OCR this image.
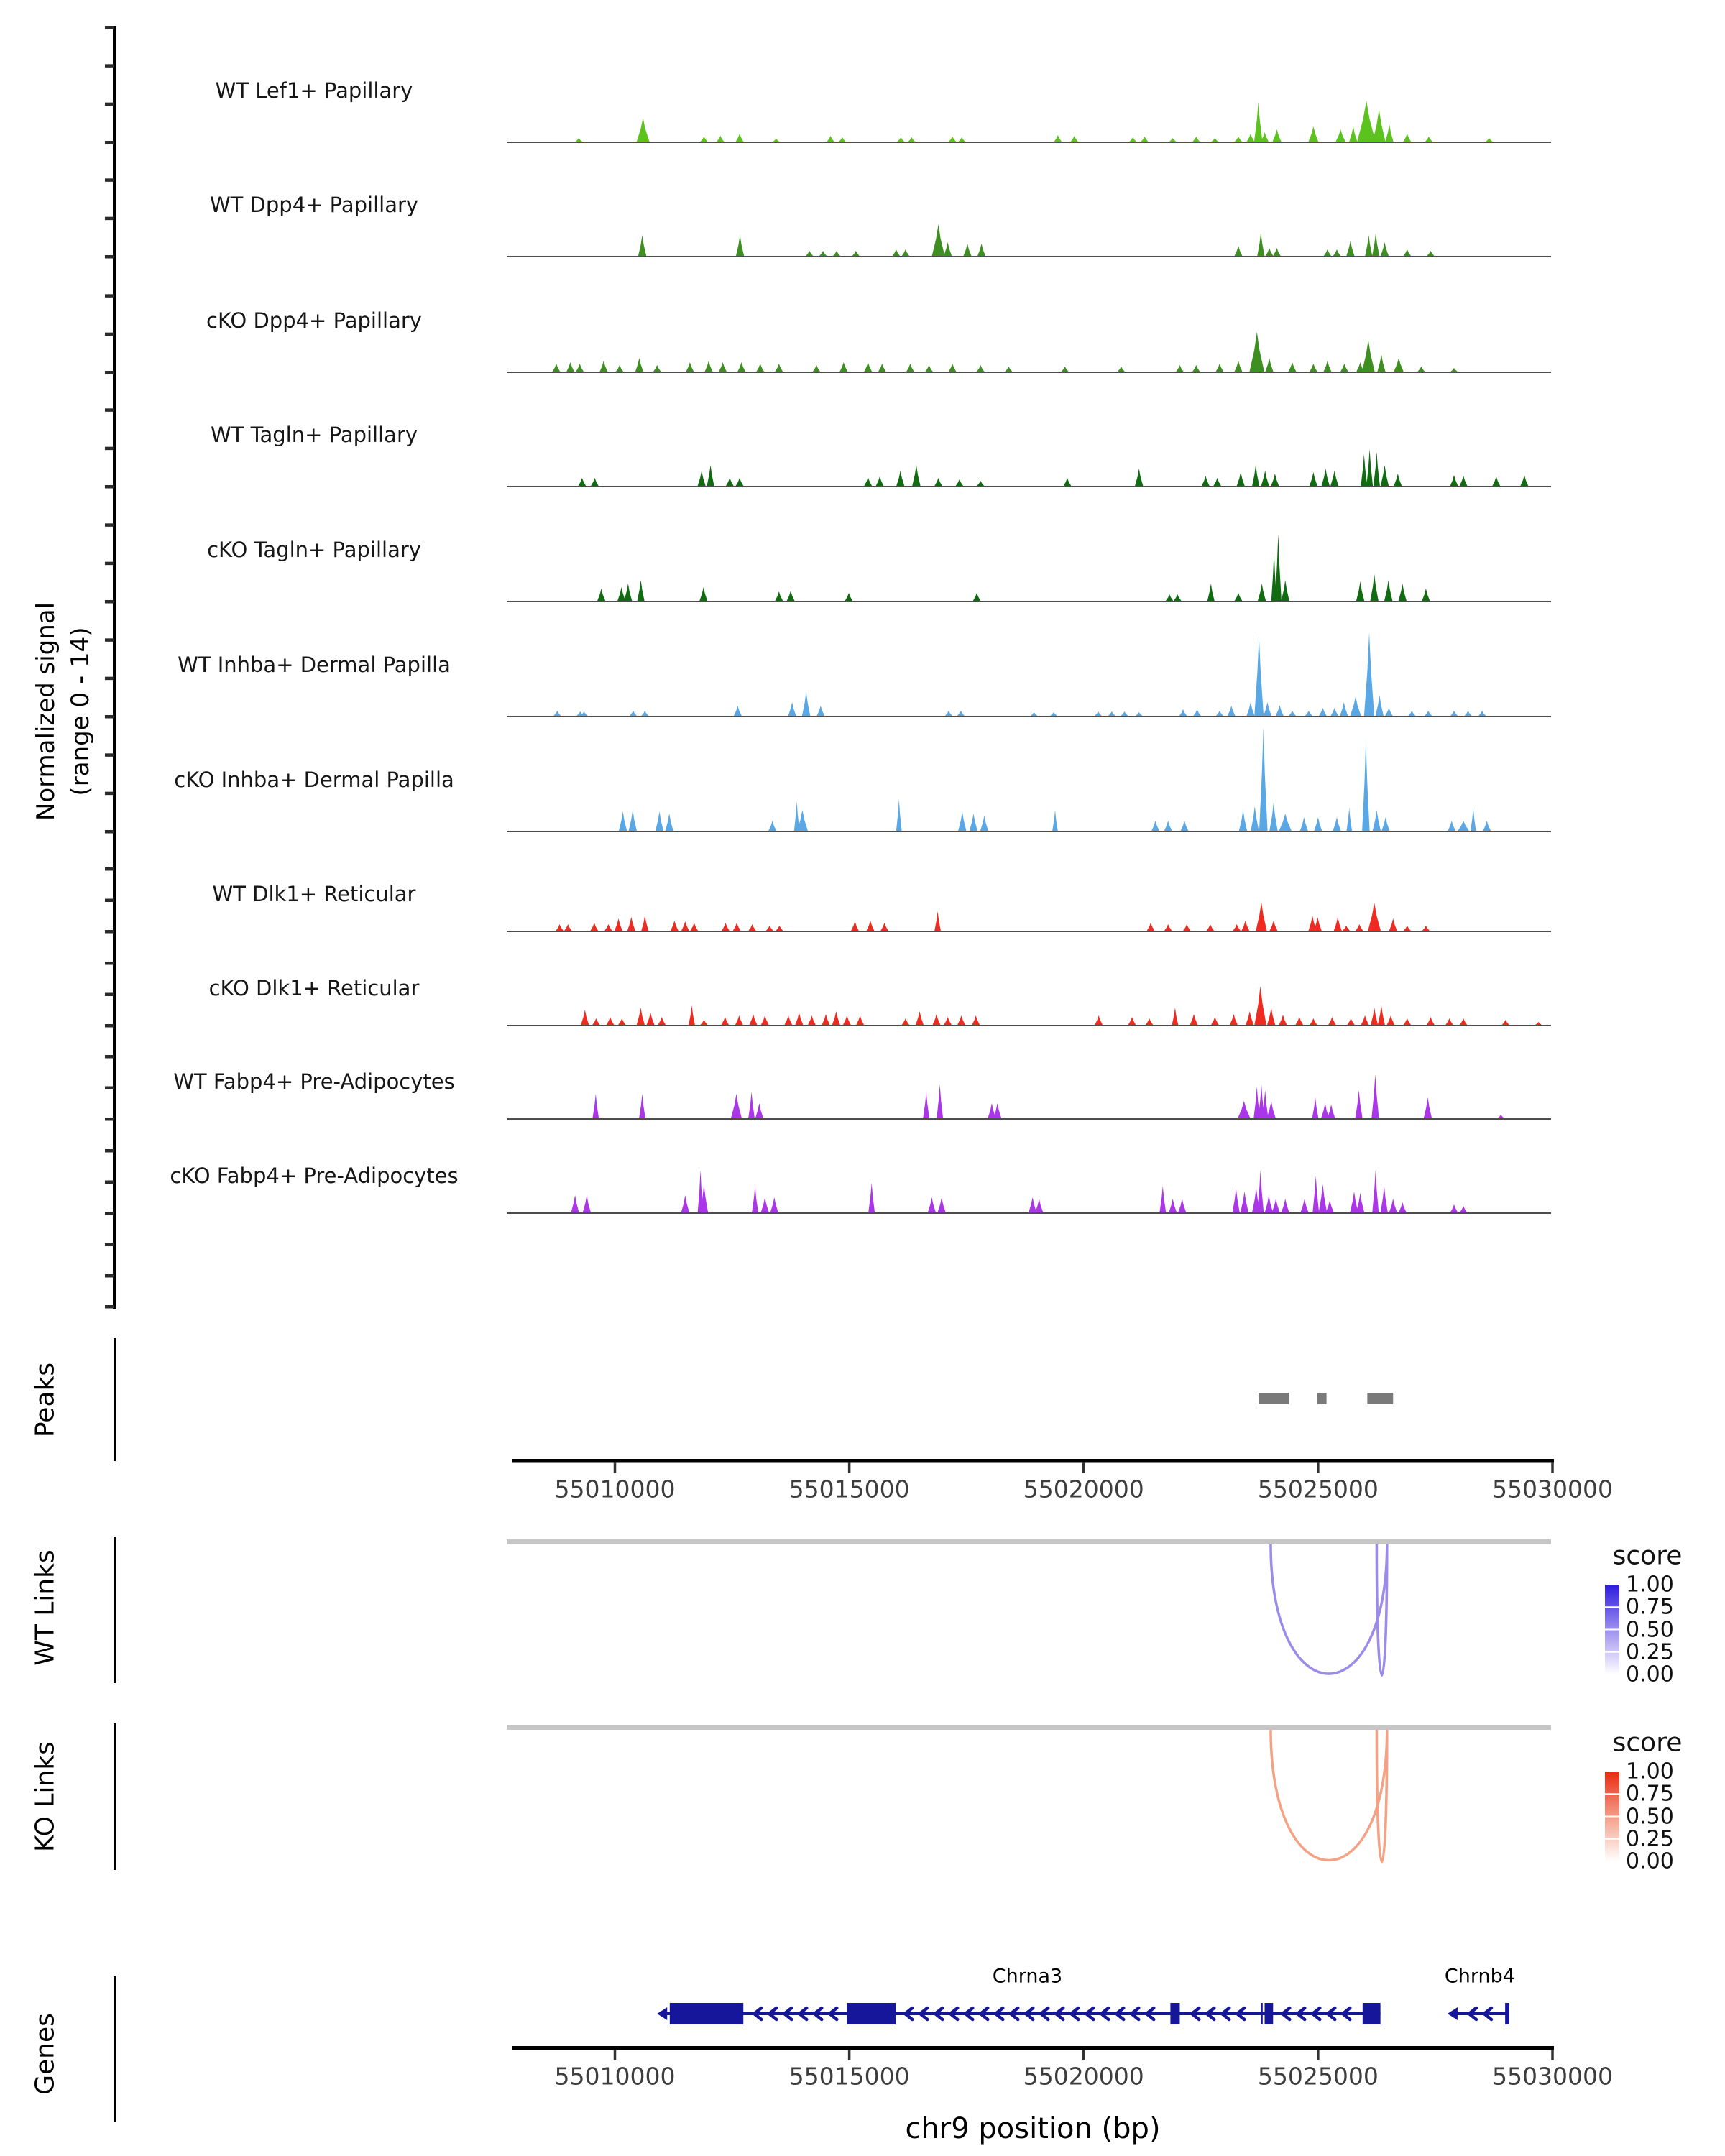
Normalized signal (range 0 - 14)
Peaks
WT Links
KO Links
Genes
score
score
chr9 position (bp)
WT Lef1+ Papillary
WT Dpp4+ Papillary
cKO Dpp4+ Papillary
WT Tagln+ Papillary
cKO Tagln+ Papillary
WT Inhba+ Dermal Papilla
cKO Inhba+ Dermal Papilla
WT Dlk1+ Reticular
cKO Dlk1+ Reticular
WT Fabp4+ Pre-Adipocytes
cKO Fabp4+ Pre-Adipocytes
55010000	55015000	55020000	55025000	55030000
55010000	55015000	55020000	55025000	55030000
1.00
0.75
0.50
0.25
0.00
1.00
0.75
0.50
0.25
0.00
Chrna3	Chrnb4
